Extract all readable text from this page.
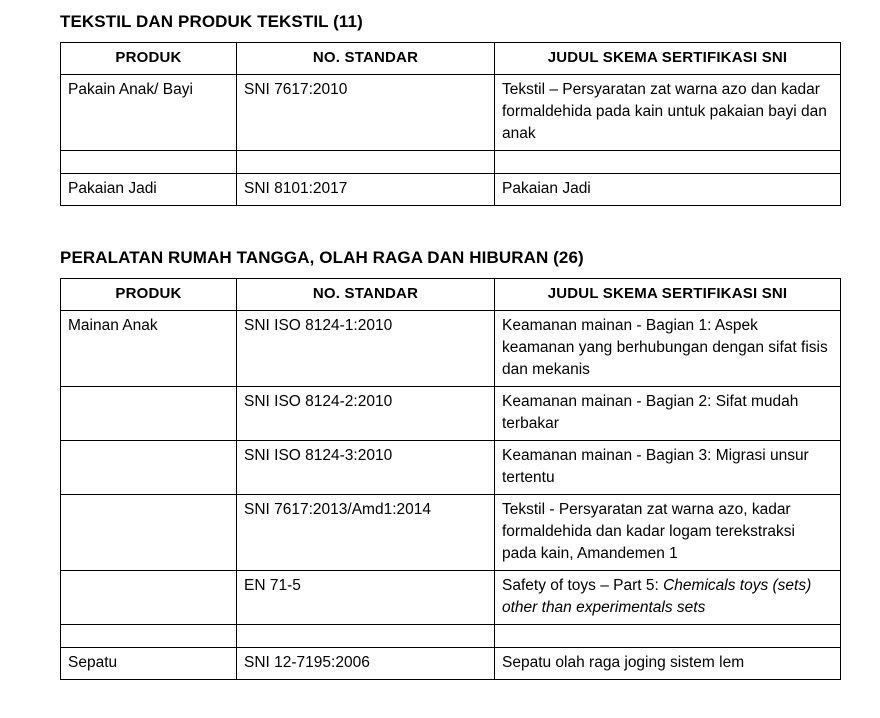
TEKSTIL DAN PRODUK TEKSTIL (11)
PRODUK	NO. STANDAR	JUDUL SKEMA SERTIFIKASI SNI
Pakain Anak/ Bayi	SNI 7617:2010	Tekstil – Persyaratan zat warna azo dan kadar formaldehida pada kain untuk pakaian bayi dan anak

Pakaian Jadi	SNI 8101:2017	Pakaian Jadi
PERALATAN RUMAH TANGGA, OLAH RAGA DAN HIBURAN (26)
PRODUK	NO. STANDAR	JUDUL SKEMA SERTIFIKASI SNI
Mainan Anak	SNI ISO 8124-1:2010	Keamanan mainan - Bagian 1: Aspek keamanan yang berhubungan dengan sifat fisis dan mekanis
	SNI ISO 8124-2:2010	Keamanan mainan - Bagian 2: Sifat mudah terbakar
	SNI ISO 8124-3:2010	Keamanan mainan - Bagian 3: Migrasi unsur tertentu
	SNI 7617:2013/Amd1:2014	Tekstil - Persyaratan zat warna azo, kadar formaldehida dan kadar logam terekstraksi pada kain, Amandemen 1
	EN 71-5	Safety of toys – Part 5: Chemicals toys (sets) other than experimentals sets

Sepatu	SNI 12-7195:2006	Sepatu olah raga joging sistem lem
